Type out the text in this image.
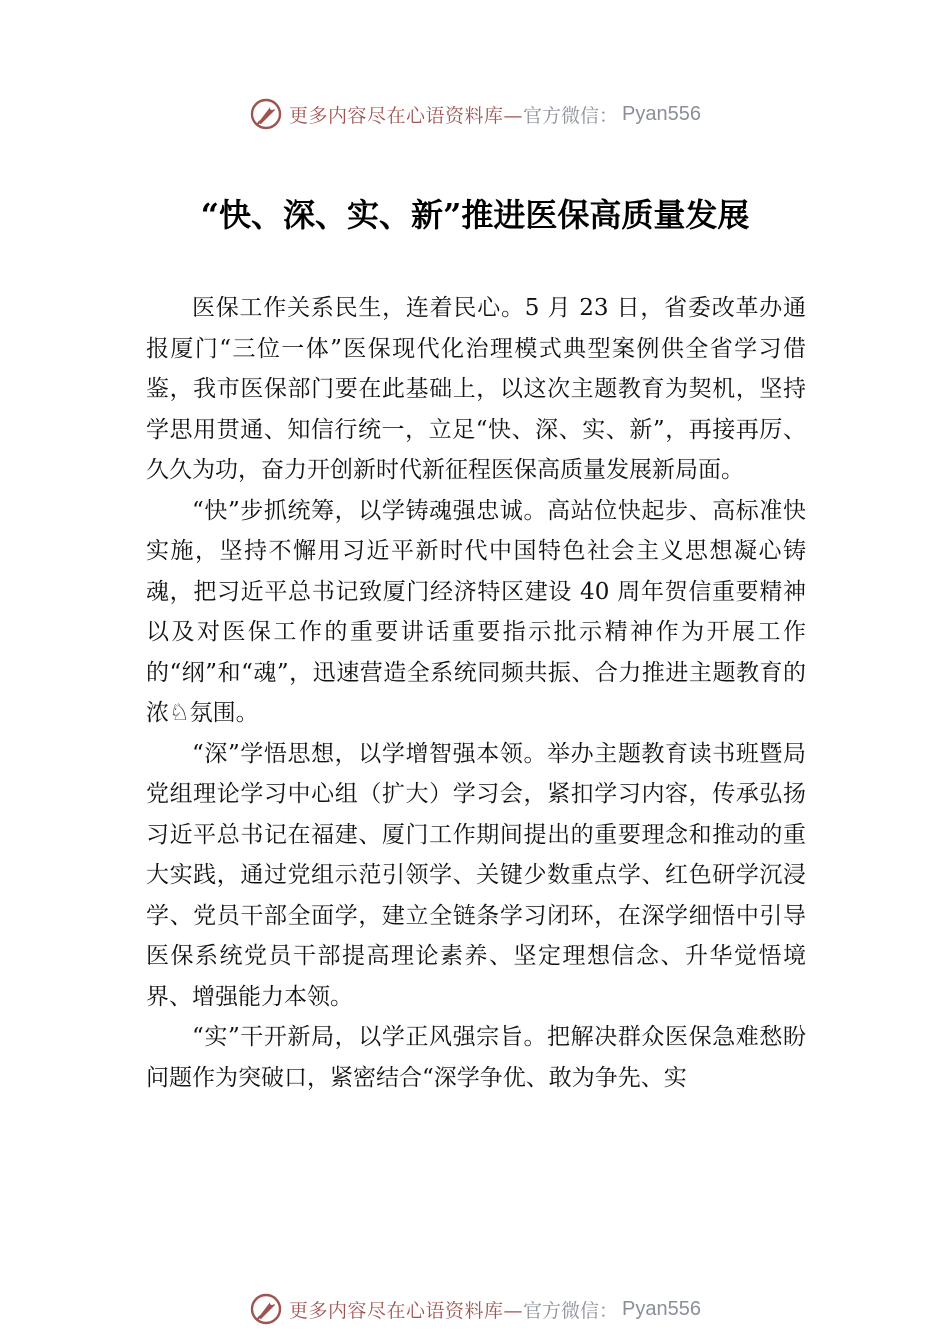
更多内容尽在心语资料库— 官方微信： Pyan556
“快、深、实、新”推进医保高质量发展

医保工作关系民生，连着民心。5 月 23 日，省委改革办通报厦门“三位一体”医保现代化治理模式典型案例供全省学习借鉴，我市医保部门要在此基础上，以这次主题教育为契机，坚持学思用贯通、知信行统一，立足“快、深、实、新”，再接再厉、久久为功，奋力开创新时代新征程医保高质量发展新局面。

“快”步抓统筹，以学铸魂强忠诚。高站位快起步、高标准快实施，坚持不懈用习近平新时代中国特色社会主义思想凝心铸魂，把习近平总书记致厦门经济特区建设 40 周年贺信重要精神以及对医保工作的重要讲话重要指示批示精神作为开展工作的“纲”和“魂”，迅速营造全系统同频共振、合力推进主题教育的浓♘氛围。

“深”学悟思想，以学增智强本领。举办主题教育读书班暨局党组理论学习中心组（扩大）学习会，紧扣学习内容，传承弘扬习近平总书记在福建、厦门工作期间提出的重要理念和推动的重大实践，通过党组示范引领学、关键少数重点学、红色研学沉浸学、党员干部全面学，建立全链条学习闭环，在深学细悟中引导医保系统党员干部提高理论素养、坚定理想信念、升华觉悟境界、增强能力本领。

“实”干开新局，以学正风强宗旨。把解决群众医保急难愁盼问题作为突破口，紧密结合“深学争优、敢为争先、实

更多内容尽在心语资料库— 官方微信： Pyan556
